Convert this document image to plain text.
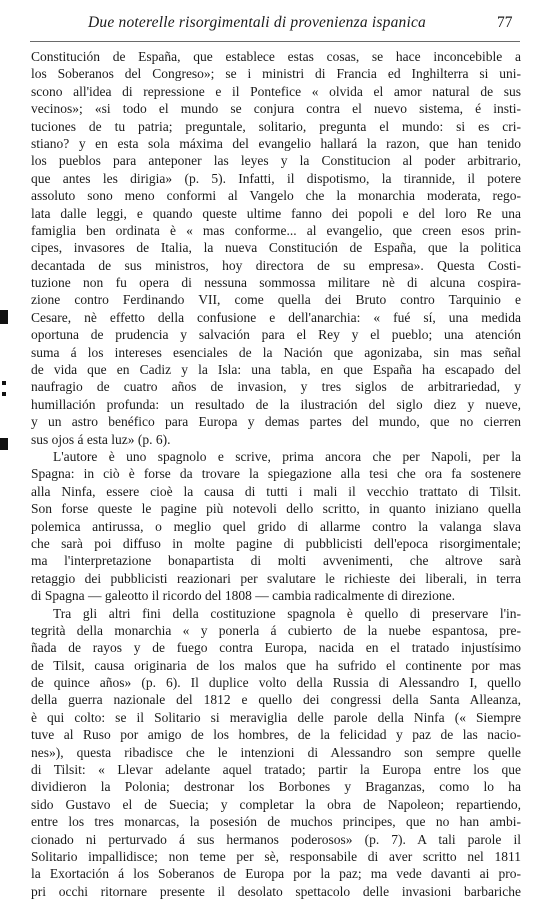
Due noterelle risorgimentali di provenienza ispanica	77
Constitución de España, que establece estas cosas, se hace inconcebible a
los Soberanos del Congreso»; se i ministri di Francia ed Inghilterra si uni-
scono all'idea di repressione e il Pontefice « olvida el amor natural de sus
vecinos»; «si todo el mundo se conjura contra el nuevo sistema, é insti-
tuciones de tu patria; preguntale, solitario, pregunta el mundo: si es cri-
stiano? y en esta sola máxima del evangelio hallará la razon, que han tenido
los pueblos para anteponer las leyes y la Constitucion al poder arbitrario,
que antes les dirigia» (p. 5). Infatti, il dispotismo, la tirannide, il potere
assoluto sono meno conformi al Vangelo che la monarchia moderata, rego-
lata dalle leggi, e quando queste ultime fanno dei popoli e del loro Re una
famiglia ben ordinata è « mas conforme... al evangelio, que creen esos prin-
cipes, invasores de Italia, la nueva Constitución de España, que la politica
decantada de sus ministros, hoy directora de su empresa». Questa Costi-
tuzione non fu opera di nessuna sommossa militare nè di alcuna cospira-
zione contro Ferdinando VII, come quella dei Bruto contro Tarquinio e
Cesare, nè effetto della confusione e dell'anarchia: « fué sí, una medida
oportuna de prudencia y salvación para el Rey y el pueblo; una atención
suma á los intereses esenciales de la Nación que agonizaba, sin mas señal
de vida que en Cadiz y la Isla: una tabla, en que España ha escapado del
naufragio de cuatro años de invasion, y tres siglos de arbitrariedad, y
humillación profunda: un resultado de la ilustración del siglo diez y nueve,
y un astro benéfico para Europa y demas partes del mundo, que no cierren
sus ojos á esta luz» (p. 6).
L'autore è uno spagnolo e scrive, prima ancora che per Napoli, per la
Spagna: in ciò è forse da trovare la spiegazione alla tesi che ora fa sostenere
alla Ninfa, essere cioè la causa di tutti i mali il vecchio trattato di Tilsit.
Son forse queste le pagine più notevoli dello scritto, in quanto iniziano quella
polemica antirussa, o meglio quel grido di allarme contro la valanga slava
che sarà poi diffuso in molte pagine di pubblicisti dell'epoca risorgimentale;
ma l'interpretazione bonapartista di molti avvenimenti, che altrove sarà
retaggio dei pubblicisti reazionari per svalutare le richieste dei liberali, in terra
di Spagna — galeotto il ricordo del 1808 — cambia radicalmente di direzione.
Tra gli altri fini della costituzione spagnola è quello di preservare l'in-
tegrità della monarchia « y ponerla á cubierto de la nuebe espantosa, pre-
ñada de rayos y de fuego contra Europa, nacida en el tratado injustísimo
de Tilsit, causa originaria de los malos que ha sufrido el continente por mas
de quince años» (p. 6). Il duplice volto della Russia di Alessandro I, quello
della guerra nazionale del 1812 e quello dei congressi della Santa Alleanza,
è qui colto: se il Solitario si meraviglia delle parole della Ninfa (« Siempre
tuve al Ruso por amigo de los hombres, de la felicidad y paz de las nacio-
nes»), questa ribadisce che le intenzioni di Alessandro son sempre quelle
di Tilsit: « Llevar adelante aquel tratado; partir la Europa entre los que
dividieron la Polonia; destronar los Borbones y Braganzas, como lo ha
sido Gustavo el de Suecia; y completar la obra de Napoleon; repartiendo,
entre los tres monarcas, la posesión de muchos principes, que no han ambi-
cionado ni perturvado á sus hermanos poderosos» (p. 7). A tali parole il
Solitario impallidisce; non teme per sè, responsabile di aver scritto nel 1811
la Exortación á los Soberanos de Europa por la paz; ma vede davanti ai pro-
pri occhi ritornare presente il desolato spettacolo delle invasioni barbariche
